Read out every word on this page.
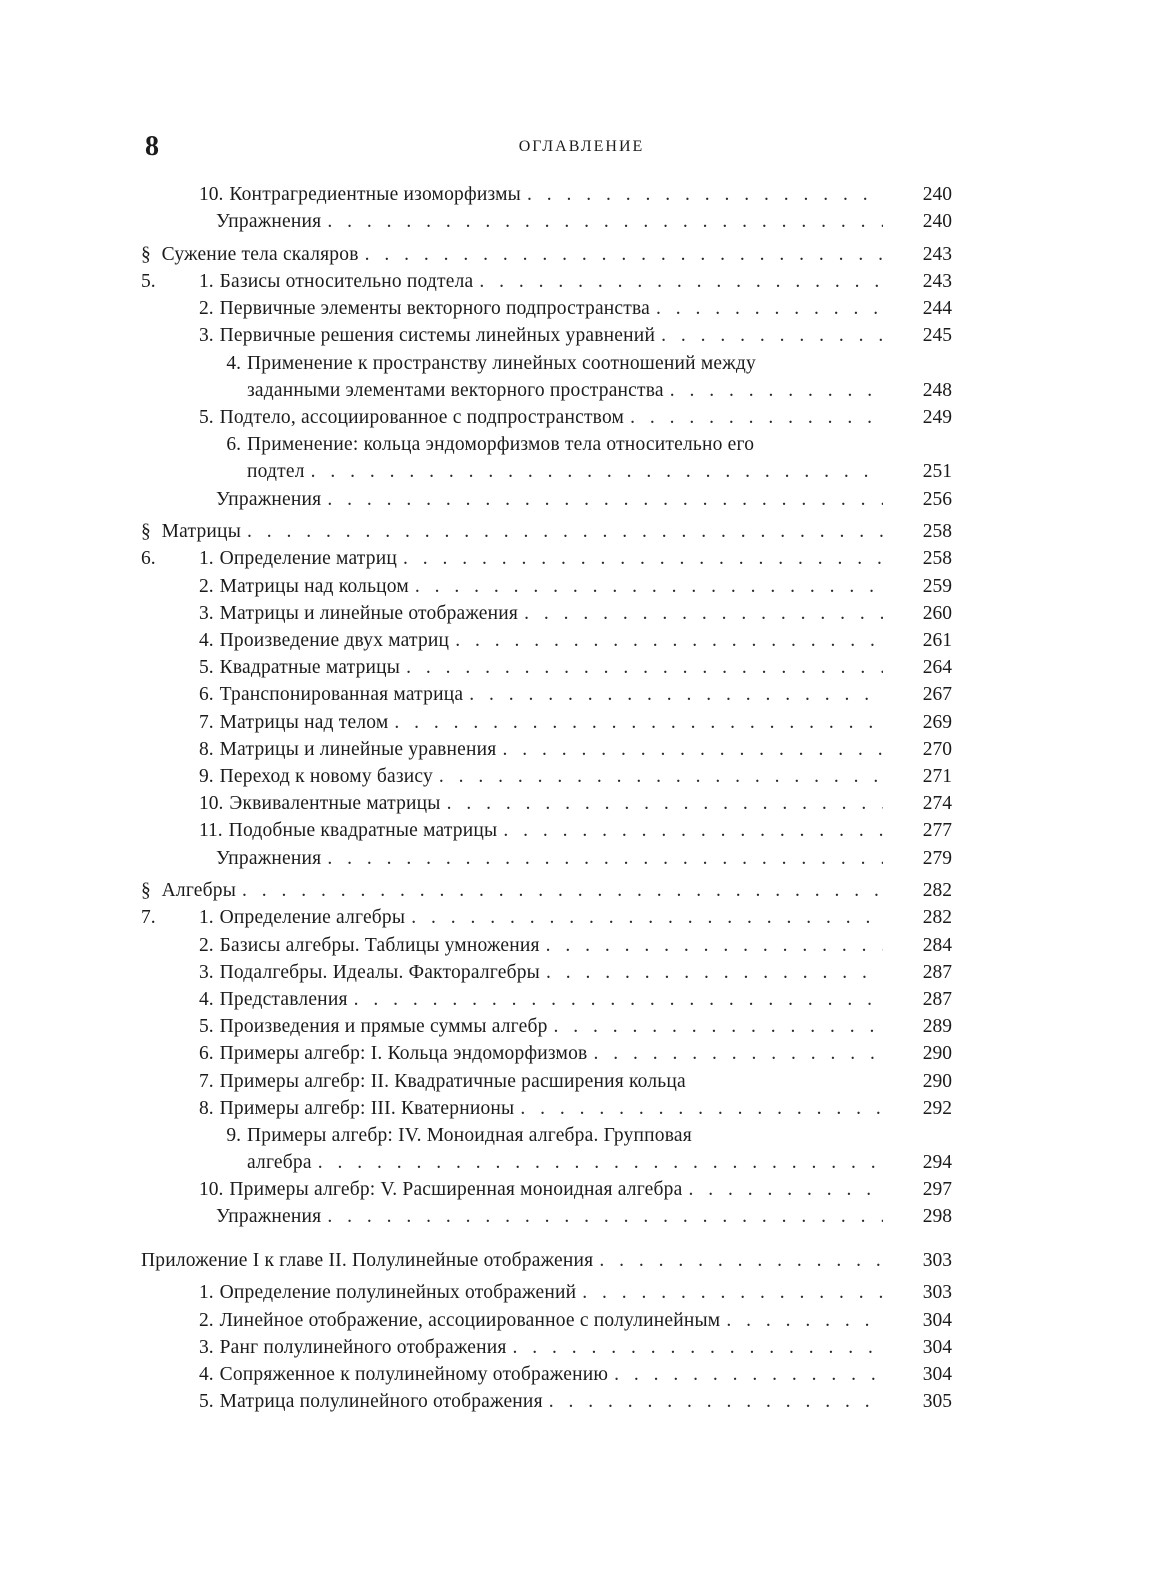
8	ОГЛАВЛЕНИЕ
10. Контрагредиентные изоморфизмы . . .	240
Упражнения . . .	240
§ 5.
Сужение тела скаляров . . .	243
1. Базисы относительно подтела . . .	243
2. Первичные элементы векторного подпространства . . .	244
3. Первичные решения системы линейных уравнений . . .	245
4. Применение к пространству линейных соотношений между
заданными элементами векторного пространства . . .	248
5. Подтело, ассоциированное с подпространством . . .	249
6. Применение: кольца эндоморфизмов тела относительно его
подтел . . .	251
Упражнения . . .	256
§ 6.
Матрицы . . .	258
1. Определение матриц . . .	258
2. Матрицы над кольцом . . .	259
3. Матрицы и линейные отображения . . .	260
4. Произведение двух матриц . . .	261
5. Квадратные матрицы . . .	264
6. Транспонированная матрица . . .	267
7. Матрицы над телом . . .	269
8. Матрицы и линейные уравнения . . .	270
9. Переход к новому базису . . .	271
10. Эквивалентные матрицы . . .	274
11. Подобные квадратные матрицы . . .	277
Упражнения . . .	279
§ 7.
Алгебры . . .	282
1. Определение алгебры . . .	282
2. Базисы алгебры. Таблицы умножения . . .	284
3. Подалгебры. Идеалы. Факторалгебры . . .	287
4. Представления . . .	287
5. Произведения и прямые суммы алгебр . . .	289
6. Примеры алгебр: I. Кольца эндоморфизмов . . .	290
7. Примеры алгебр: II. Квадратичные расширения кольца	290
8. Примеры алгебр: III. Кватернионы . . .	292
9. Примеры алгебр: IV. Моноидная алгебра. Групповая
алгебра . . .	294
10. Примеры алгебр: V. Расширенная моноидная алгебра . . .	297
Упражнения . . .	298
Приложение I к главе II. Полулинейные отображения . . .	303
1. Определение полулинейных отображений . . .	303
2. Линейное отображение, ассоциированное с полулинейным . . .	304
3. Ранг полулинейного отображения . . .	304
4. Сопряженное к полулинейному отображению . . .	304
5. Матрица полулинейного отображения . . .	305
